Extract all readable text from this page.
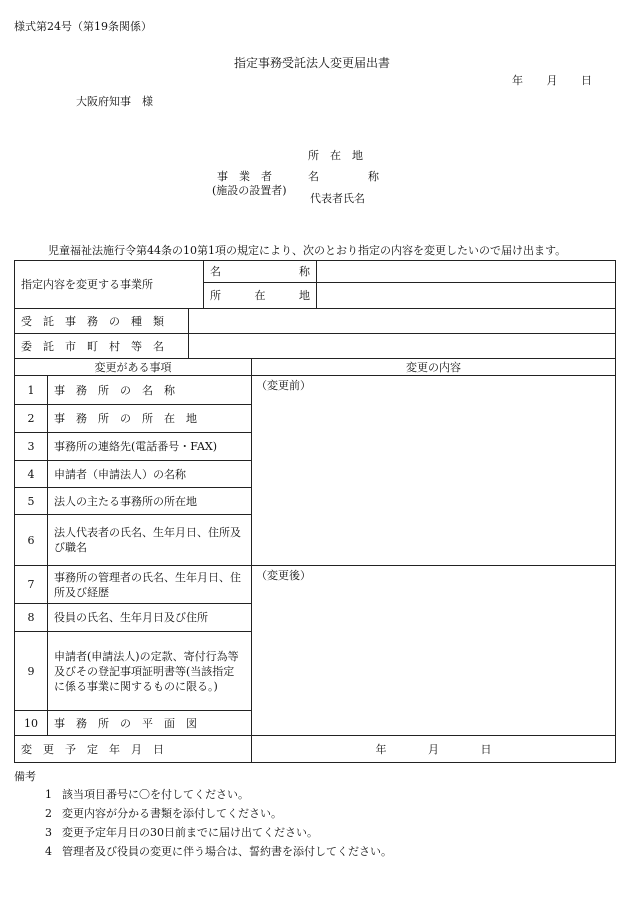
様式第24号（第19条関係）
指定事務受託法人変更届出書
年 月 日
大阪府知事　様
所　在　地
事　業　者	名	称
(施設の設置者)
代表者氏名
児童福祉法施行令第44条の10第1項の規定により、次のとおり指定の内容を変更したいので届け出ます。
指定内容を変更する事業所			名 称		

			所 在 地		

受　託　事　務　の　種　類					
委　託　市　町　村　等　名					
変更がある事項				変更の内容	
1	事　務　所　の　名　称			（変更前）	
2	事　務　所　の　所　在　地				
3	事務所の連絡先(電話番号・FAX)				
4	申請者（申請法人）の名称				
5	法人の主たる事務所の所在地				
6	法人代表者の氏名、生年月日、住所及び職名				
7	事務所の管理者の氏名、生年月日、住所及び経歴			（変更後）	
8	役員の氏名、生年月日及び住所				
9	申請者(申請法人)の定款、寄付行為等及びその登記事項証明書等(当該指定に係る事業に関するものに限る。)				
10	事　務　所　の　平　面　図				
変　更　予　定　年　月　日				年 月 日	
備考
1 該当項目番号に〇を付してください。
2 変更内容が分かる書類を添付してください。
3 変更予定年月日の30日前までに届け出てください。
4 管理者及び役員の変更に伴う場合は、誓約書を添付してください。
